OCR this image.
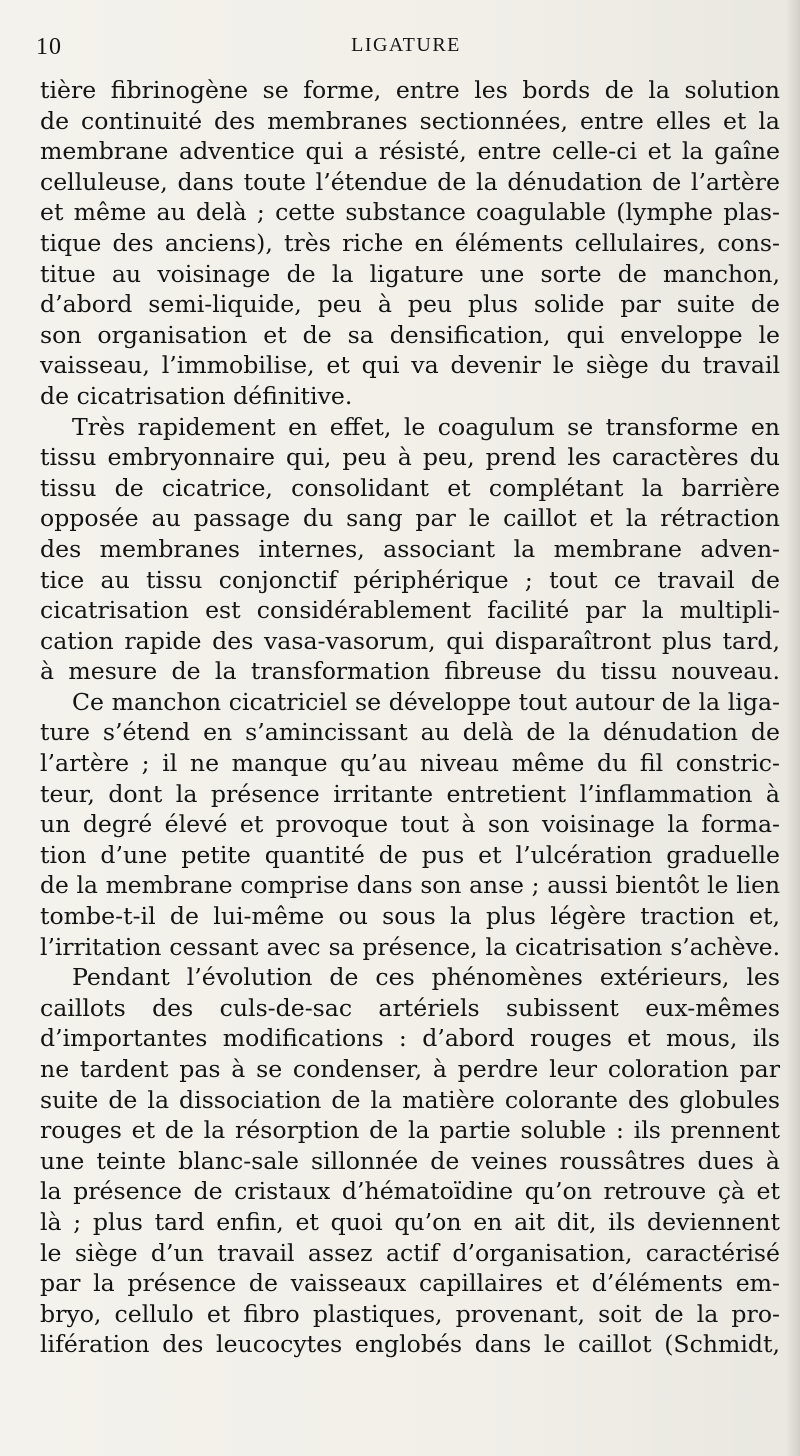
10	LIGATURE
tière fibrinogène se forme, entre les bords de la solution
de continuité des membranes sectionnées, entre elles et la
membrane adventice qui a résisté, entre celle-ci et la gaîne
celluleuse, dans toute l’étendue de la dénudation de l’artère
et même au delà ; cette substance coagulable (lymphe plas-
tique des anciens), très riche en éléments cellulaires, cons-
titue au voisinage de la ligature une sorte de manchon,
d’abord semi-liquide, peu à peu plus solide par suite de
son organisation et de sa densification, qui enveloppe le
vaisseau, l’immobilise, et qui va devenir le siège du travail
de cicatrisation définitive.
Très rapidement en effet, le coagulum se transforme en
tissu embryonnaire qui, peu à peu, prend les caractères du
tissu de cicatrice, consolidant et complétant la barrière
opposée au passage du sang par le caillot et la rétraction
des membranes internes, associant la membrane adven-
tice au tissu conjonctif périphérique ; tout ce travail de
cicatrisation est considérablement facilité par la multipli-
cation rapide des vasa-vasorum, qui disparaîtront plus tard,
à mesure de la transformation fibreuse du tissu nouveau.
Ce manchon cicatriciel se développe tout autour de la liga-
ture s’étend en s’amincissant au delà de la dénudation de
l’artère ; il ne manque qu’au niveau même du fil constric-
teur, dont la présence irritante entretient l’inflammation à
un degré élevé et provoque tout à son voisinage la forma-
tion d’une petite quantité de pus et l’ulcération graduelle
de la membrane comprise dans son anse ; aussi bientôt le lien
tombe-t-il de lui-même ou sous la plus légère traction et,
l’irritation cessant avec sa présence, la cicatrisation s’achève.
Pendant l’évolution de ces phénomènes extérieurs, les
caillots des culs-de-sac artériels subissent eux-mêmes
d’importantes modifications : d’abord rouges et mous, ils
ne tardent pas à se condenser, à perdre leur coloration par
suite de la dissociation de la matière colorante des globules
rouges et de la résorption de la partie soluble : ils prennent
une teinte blanc-sale sillonnée de veines roussâtres dues à
la présence de cristaux d’hématoïdine qu’on retrouve çà et
là ; plus tard enfin, et quoi qu’on en ait dit, ils deviennent
le siège d’un travail assez actif d’organisation, caractérisé
par la présence de vaisseaux capillaires et d’éléments em-
bryo, cellulo et fibro plastiques, provenant, soit de la pro-
lifération des leucocytes englobés dans le caillot (Schmidt,
